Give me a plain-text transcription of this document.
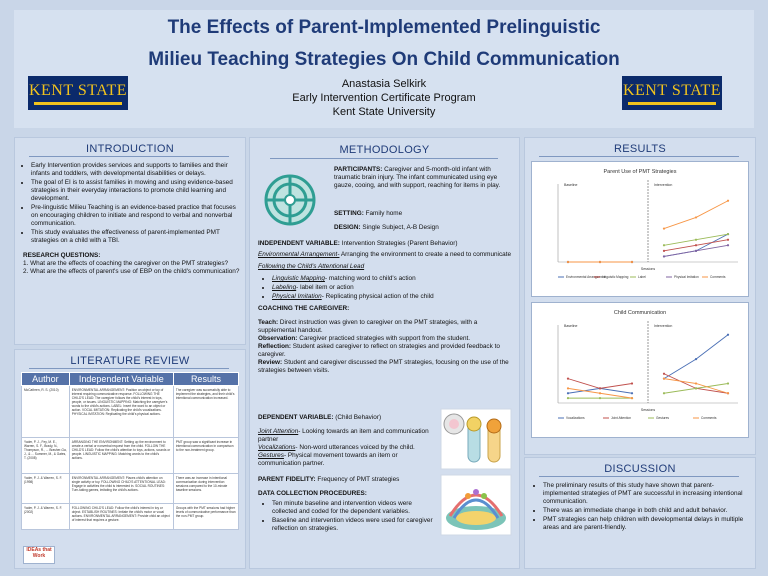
The Effects of Parent-Implemented Prelinguistic
Milieu Teaching Strategies On Child Communication
Anastasia Selkirk
Early Intervention Certificate Program
Kent State University
KENT STATE	KENT STATE
INTRODUCTION
• Early Intervention provides services and supports to families and their infants and toddlers, with developmental disabilities or delays.
• The goal of EI is to assist families in mowing and using evidence-based strategies in their everyday interactions to promote child learning and development.
• Pre-linguistic Milieu Teaching is an evidence-based practice that focuses on encouraging children to initiate and respond to verbal and nonverbal communication.
• This study evaluates the effectiveness of parent-implemented PMT strategies on a child with a TBI.
RESEARCH QUESTIONS:
1. What are the effects of coaching the caregiver on the PMT strategies?
2. What are the effects of parent's use of EBP on the child's communication?
LITERATURE REVIEW
Author	Independent Variable	Results
McCathren, R. S. (2010)	ENVIRONMENTAL ARRANGEMENT: Position an object or toy of interest requiring communicative response. FOLLOWING THE CHILD'S LEAD: The caregiver follows the child's interest in toys, people, or issues. LINGUISTIC MAPPING: Matching the caregiver's words to the child's actions. LABEL: Insert the word to an object or action. VOCAL IMITATION: Replicating the child's vocalizations. PHYSICAL IMITATION: Replicating the child's physical actions.	The caregiver was successfully able to implement the strategies, and their child's intentional communication increased.
Yoder, P. J., Fey, M. E., Warren, S. F., Brady, N., Thompson, R., ... Brasher-Ga, J., & ... Summer, M., & Gates, T. (2008)	ARRANGING THE ENVIRONMENT: Setting up the environment to create a verbal or nonverbal request from the child. FOLLOW THE CHILD'S LEAD: Follow the child's attention to toys, actions, sounds or people. LINGUISTIC MAPPING: Matching words to the child's actions.	PMT group saw a significant increase in intentional communication in comparison to the non-treatment group.
Yoder, P. J. & Warren, S. F. (1998)	ENVIRONMENTAL ARRANGEMENT: Places child's attention on single activity or toy. FOLLOWING CHILD'S ATTENTIONAL LEAD: Engage in activities the child is interested in. SOCIAL ROUTINES: Turn-taking games, imitating the child's actions.	There was an increase in intentional communication during intervention sessions compared to the 10-minute baseline sessions.
Yoder, P. J. & Warren, S. F. (2002)	FOLLOWING CHILD'S LEAD: Follow the child's interest in toy or object. ESTABLISH ROUTINES: Imitate the child's motor or vocal actions. ENVIRONMENTAL ARRANGEMENT: Provide child an object of interest that requires a gesture.	Groups with the PMT sessions had higher levels of communicative performance than the non-PMT group.
IDEAs that Work
METHODOLOGY
PARTICIPANTS: Caregiver and 5-month-old infant with traumatic brain injury. The infant communicated using eye gauze, cooing, and with support, reaching for items in play.
SETTING: Family home
DESIGN: Single Subject, A-B Design
INDEPENDENT VARIABLE: Intervention Strategies (Parent Behavior)
Environmental Arrangement- Arranging the environment to create a need to communicate
Following the Child's Attentional Lead
• Linguistic Mapping- matching word to child's action
• Labeling- label item or action
• Physical Imitation- Replicating physical action of the child
COACHING THE CAREGIVER:
Teach: Direct instruction was given to caregiver on the PMT strategies, with a supplemental handout.
Observation: Caregiver practiced strategies with support from the student.
Reflection: Student asked caregiver to reflect on strategies and provided feedback to caregiver.
Review: Student and caregiver discussed the PMT strategies, focusing on the use of the strategies between visits.
DEPENDENT VARIABLE: (Child Behavior)
Joint Attention- Looking towards an item and communication partner
Vocalizations- Non-word utterances voiced by the child.
Gestures- Physical movement towards an item or communication partner.
PARENT FIDELITY: Frequency of PMT strategies
DATA COLLECTION PROCEDURES:
• Ten minute baseline and intervention videos were collected and coded for the dependent variables.
• Baseline and intervention videos were used for caregiver reflection on strategies.
RESULTS
Parent Use of PMT Strategies
Baseline	Intervention
Sessions
Environmental Arrangement
Linguistic Mapping	Label	Physical Imitation	Comments
Child Communication
Baseline	Intervention
Sessions
Vocalizations	Joint Attention	Gestures	Comments
DISCUSSION
• The preliminary results of this study have shown that parent-implemented strategies of PMT are successful in increasing intentional communication.
• There was an immediate change in both child and adult behavior.
• PMT strategies can help children with developmental delays in multiple areas and are parent-friendly.
